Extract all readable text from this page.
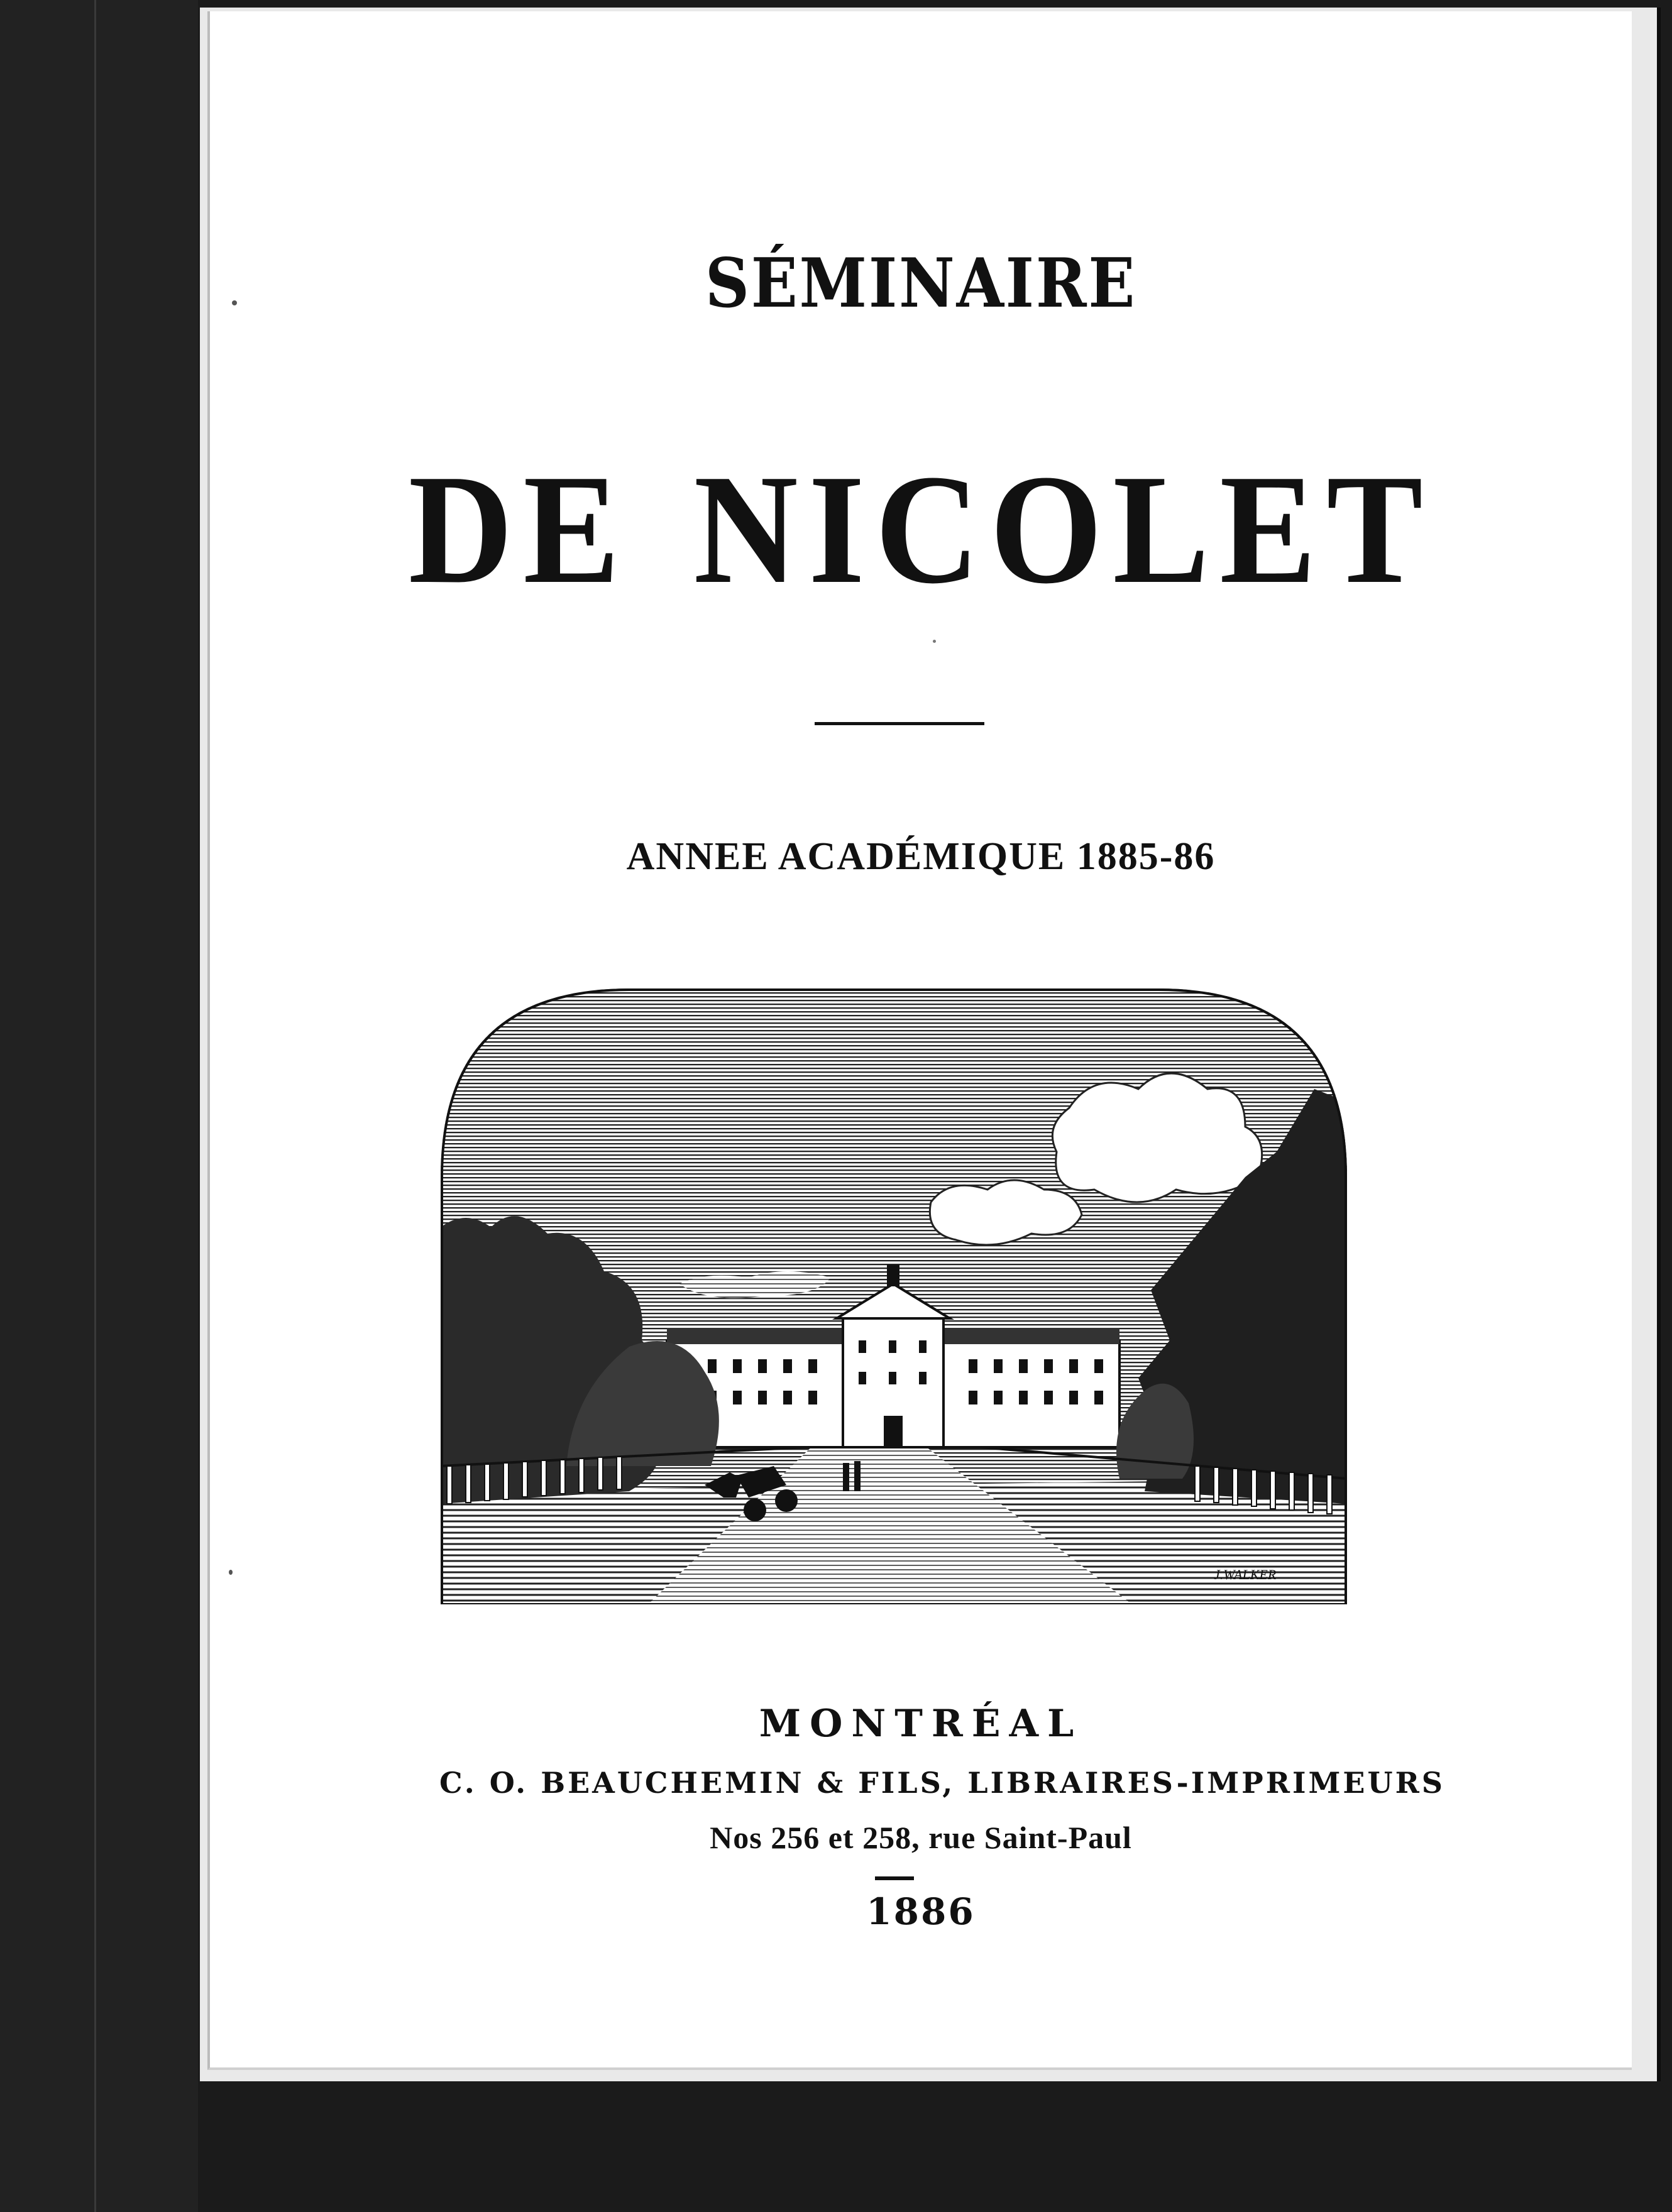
SÉMINAIRE
DE NICOLET
ANNEE ACADÉMIQUE 1885-86
J.WALKER
MONTRÉAL
C. O. BEAUCHEMIN & FILS, LIBRAIRES-IMPRIMEURS
Nos 256 et 258, rue Saint-Paul
1886
